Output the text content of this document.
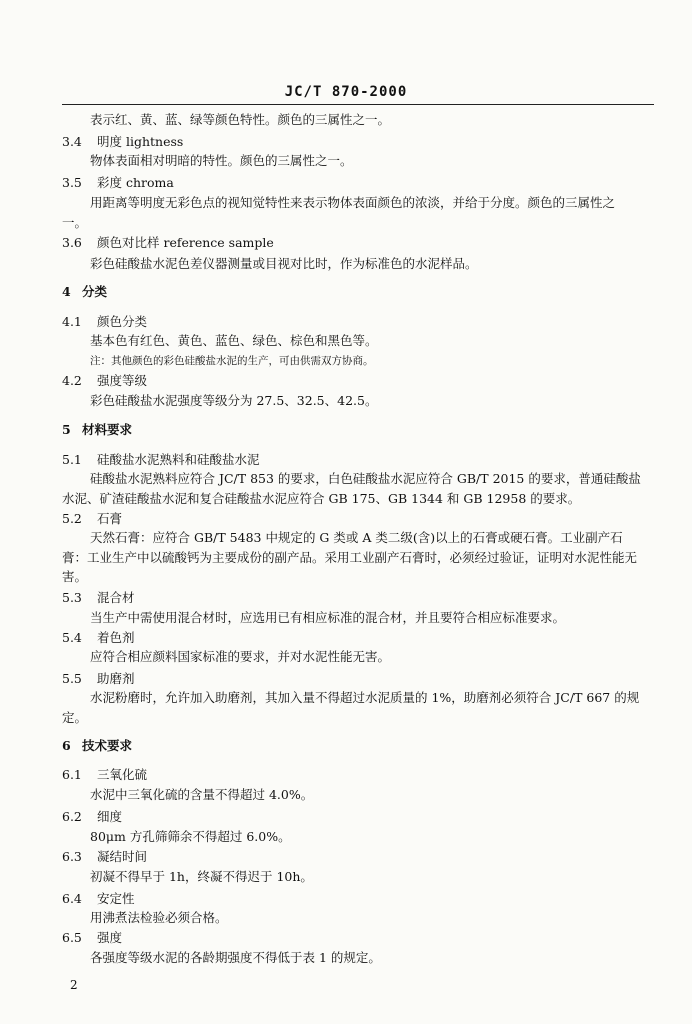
JC/T 870-2000
表示红、黄、蓝、绿等颜色特性。颜色的三属性之一。
3.4 明度 lightness
物体表面相对明暗的特性。颜色的三属性之一。
3.5 彩度 chroma
用距离等明度无彩色点的视知觉特性来表示物体表面颜色的浓淡，并给于分度。颜色的三属性之
一。
3.6 颜色对比样 reference sample
彩色硅酸盐水泥色差仪器测量或目视对比时，作为标准色的水泥样品。
4 分类
4.1 颜色分类
基本色有红色、黄色、蓝色、绿色、棕色和黑色等。
注：其他颜色的彩色硅酸盐水泥的生产，可由供需双方协商。
4.2 强度等级
彩色硅酸盐水泥强度等级分为 27.5、32.5、42.5。
5 材料要求
5.1 硅酸盐水泥熟料和硅酸盐水泥
硅酸盐水泥熟料应符合 JC/T 853 的要求，白色硅酸盐水泥应符合 GB/T 2015 的要求，普通硅酸盐
水泥、矿渣硅酸盐水泥和复合硅酸盐水泥应符合 GB 175、GB 1344 和 GB 12958 的要求。
5.2 石膏
天然石膏：应符合 GB/T 5483 中规定的 G 类或 A 类二级(含)以上的石膏或硬石膏。工业副产石
膏：工业生产中以硫酸钙为主要成份的副产品。采用工业副产石膏时，必须经过验证，证明对水泥性能无
害。
5.3 混合材
当生产中需使用混合材时，应选用已有相应标准的混合材，并且要符合相应标准要求。
5.4 着色剂
应符合相应颜料国家标准的要求，并对水泥性能无害。
5.5 助磨剂
水泥粉磨时，允许加入助磨剂，其加入量不得超过水泥质量的 1%，助磨剂必须符合 JC/T 667 的规
定。
6 技术要求
6.1 三氧化硫
水泥中三氧化硫的含量不得超过 4.0%。
6.2 细度
80μm 方孔筛筛余不得超过 6.0%。
6.3 凝结时间
初凝不得早于 1h，终凝不得迟于 10h。
6.4 安定性
用沸煮法检验必须合格。
6.5 强度
各强度等级水泥的各龄期强度不得低于表 1 的规定。
2
